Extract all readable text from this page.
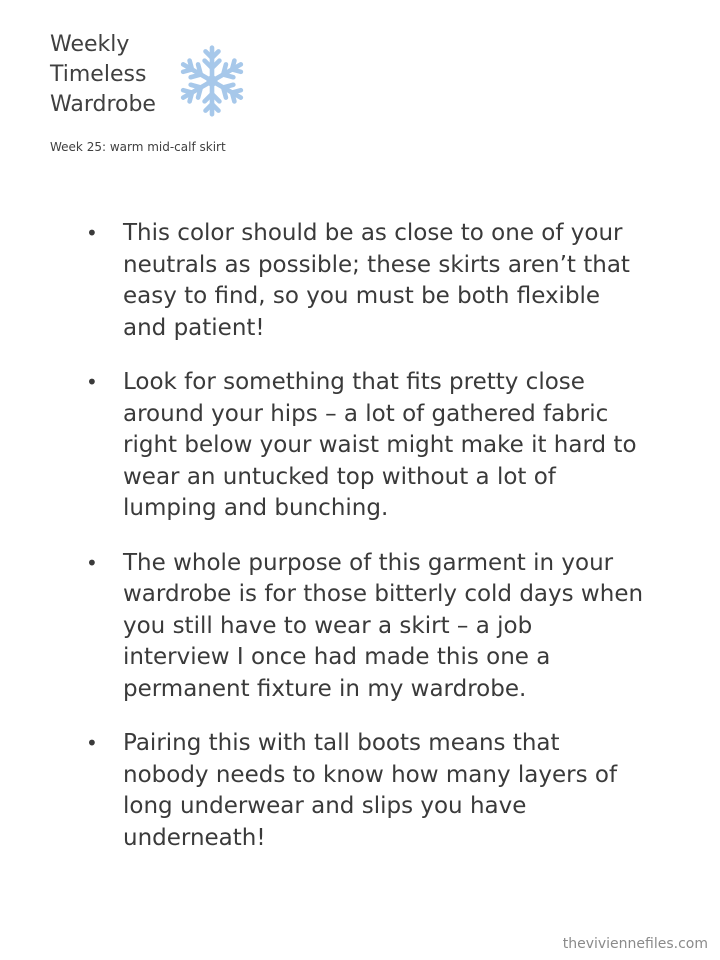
Weekly
Timeless
Wardrobe
Week 25: warm mid-calf skirt
• This color should be as close to one of your neutrals as possible; these skirts aren’t that easy to find, so you must be both flexible and patient!
• Look for something that fits pretty close around your hips – a lot of gathered fabric right below your waist might make it hard to wear an untucked top without a lot of lumping and bunching.
• The whole purpose of this garment in your wardrobe is for those bitterly cold days when you still have to wear a skirt – a job interview I once had made this one a permanent fixture in my wardrobe.
• Pairing this with tall boots means that nobody needs to know how many layers of long underwear and slips you have underneath!
theviviennefiles.com
